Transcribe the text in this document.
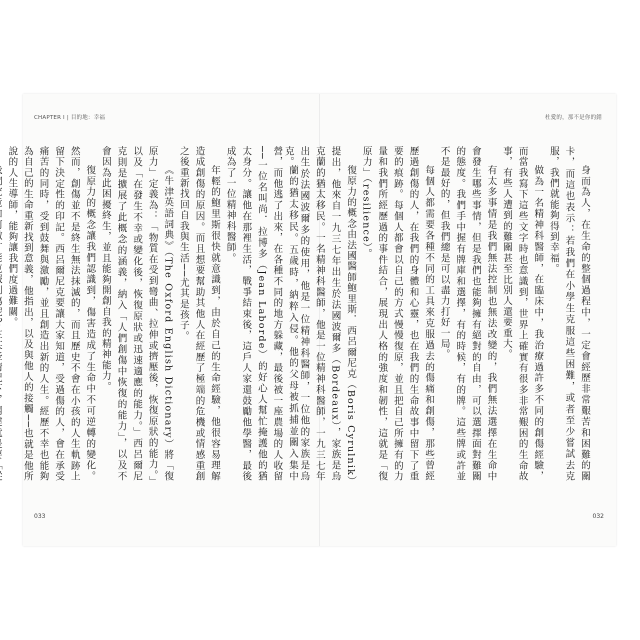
CHAPTER I | 目的地：幸福

蘭的猶太移民。五歲時，納粹入侵。他的父母被抓捕並關入集中營，而他逃了出來，在各種不同的地方躲藏，最後被一座農場的人收留──一位名叫尚．拉博多（Jean Laborde）的好心人幫忙掩護他的猶太身分。讓他在那裡生活，戰爭結束後，這戶人家還鼓勵他學醫，最後成為了一位精神科醫師。

年輕的鮑里斯很快就意識到，由於自己的生命經驗，他很容易理解造成創傷的原因。而且想要幫助其他人在經歷了極端的危機或情感重創之後重新找回自我與生活──尤其是孩子。

《牛津英語詞典》（The Oxford English Dictionary）將「復原力」定義為：「物質在受到彎曲、拉伸或擠壓後，恢復原狀的能力。」以及「在發生不幸或變化後，恢復原狀或迅速適應的能力。」西呂爾尼克則是擴展了此概念的涵義，納入「人們創傷中恢復的能力」，以及不會因為此困擾終生，並且能夠開創自我的精神能力。

復原力的概念讓我們認識到，傷害造成了生命中不可逆轉的變化。然而，創傷並不是終生無法抹滅的，而且歷史不會在小孩的人生軌跡上留下決定性的印記。西呂爾尼克要讓大家知道，受過傷的人，會在承受痛苦的同時，受到鼓舞與激勵，並且創造出新的人生。經歷不幸也能夠為自己的生命重新找到意義，他指出，以及與他人的接觸──也就是他所說的人生導師，能夠讓我們度過難關。

033
杜愛的，那不是你的錯

身而為人，在生命的整個過程中，一定會經歷非常艱苦和困難的關卡，而這也表示：若我們在小學生克服這些困難，或者至少嘗試去克服，我們就能夠得到幸福。

做為一名精神科醫師，在臨床中，我治療過許多不同的創傷經驗，而當我寫下這些文字時也意識到，世界上確實有很多非常艱困的生命故事，有些人遭到的難關甚至比別人還要重大。

有太多事情是我們無法控制也無法改變的，我們無法選擇在生命中會發生哪些事情，但是我們也能夠擁有絕對的自由，可以選擇面對難關的態度。我們手中握有牌庫和選擇，有的時候，有的牌。這些牌或許並不是最好的，但我們總是可以盡力打好一局。

每個人都需要各種不同的工具來克服過去的傷痛和創傷，那些曾經歷過創傷的人，在我們的身體和心靈，也在我們的生命故事中留下了重要的痕跡。每個人都會以自己的方式慢慢復原，並且把自己所擁有的力量和我們所經歷過的事件結合，展現出人格的強度和韌性，這就是「復原力」（resilience）。

復原力的概念由法國醫師鮑里斯．西呂爾尼克（Boris Cyrulnik）提出，他來自一九三七年出生於法國波爾多（Bordeaux），家族是烏克蘭的猶太移民。一名精神科醫師，他是一位精神科醫師，一九三七年出生於法國波爾多的使用，他是一位精神科醫師，一位他的家族是烏克。

032
